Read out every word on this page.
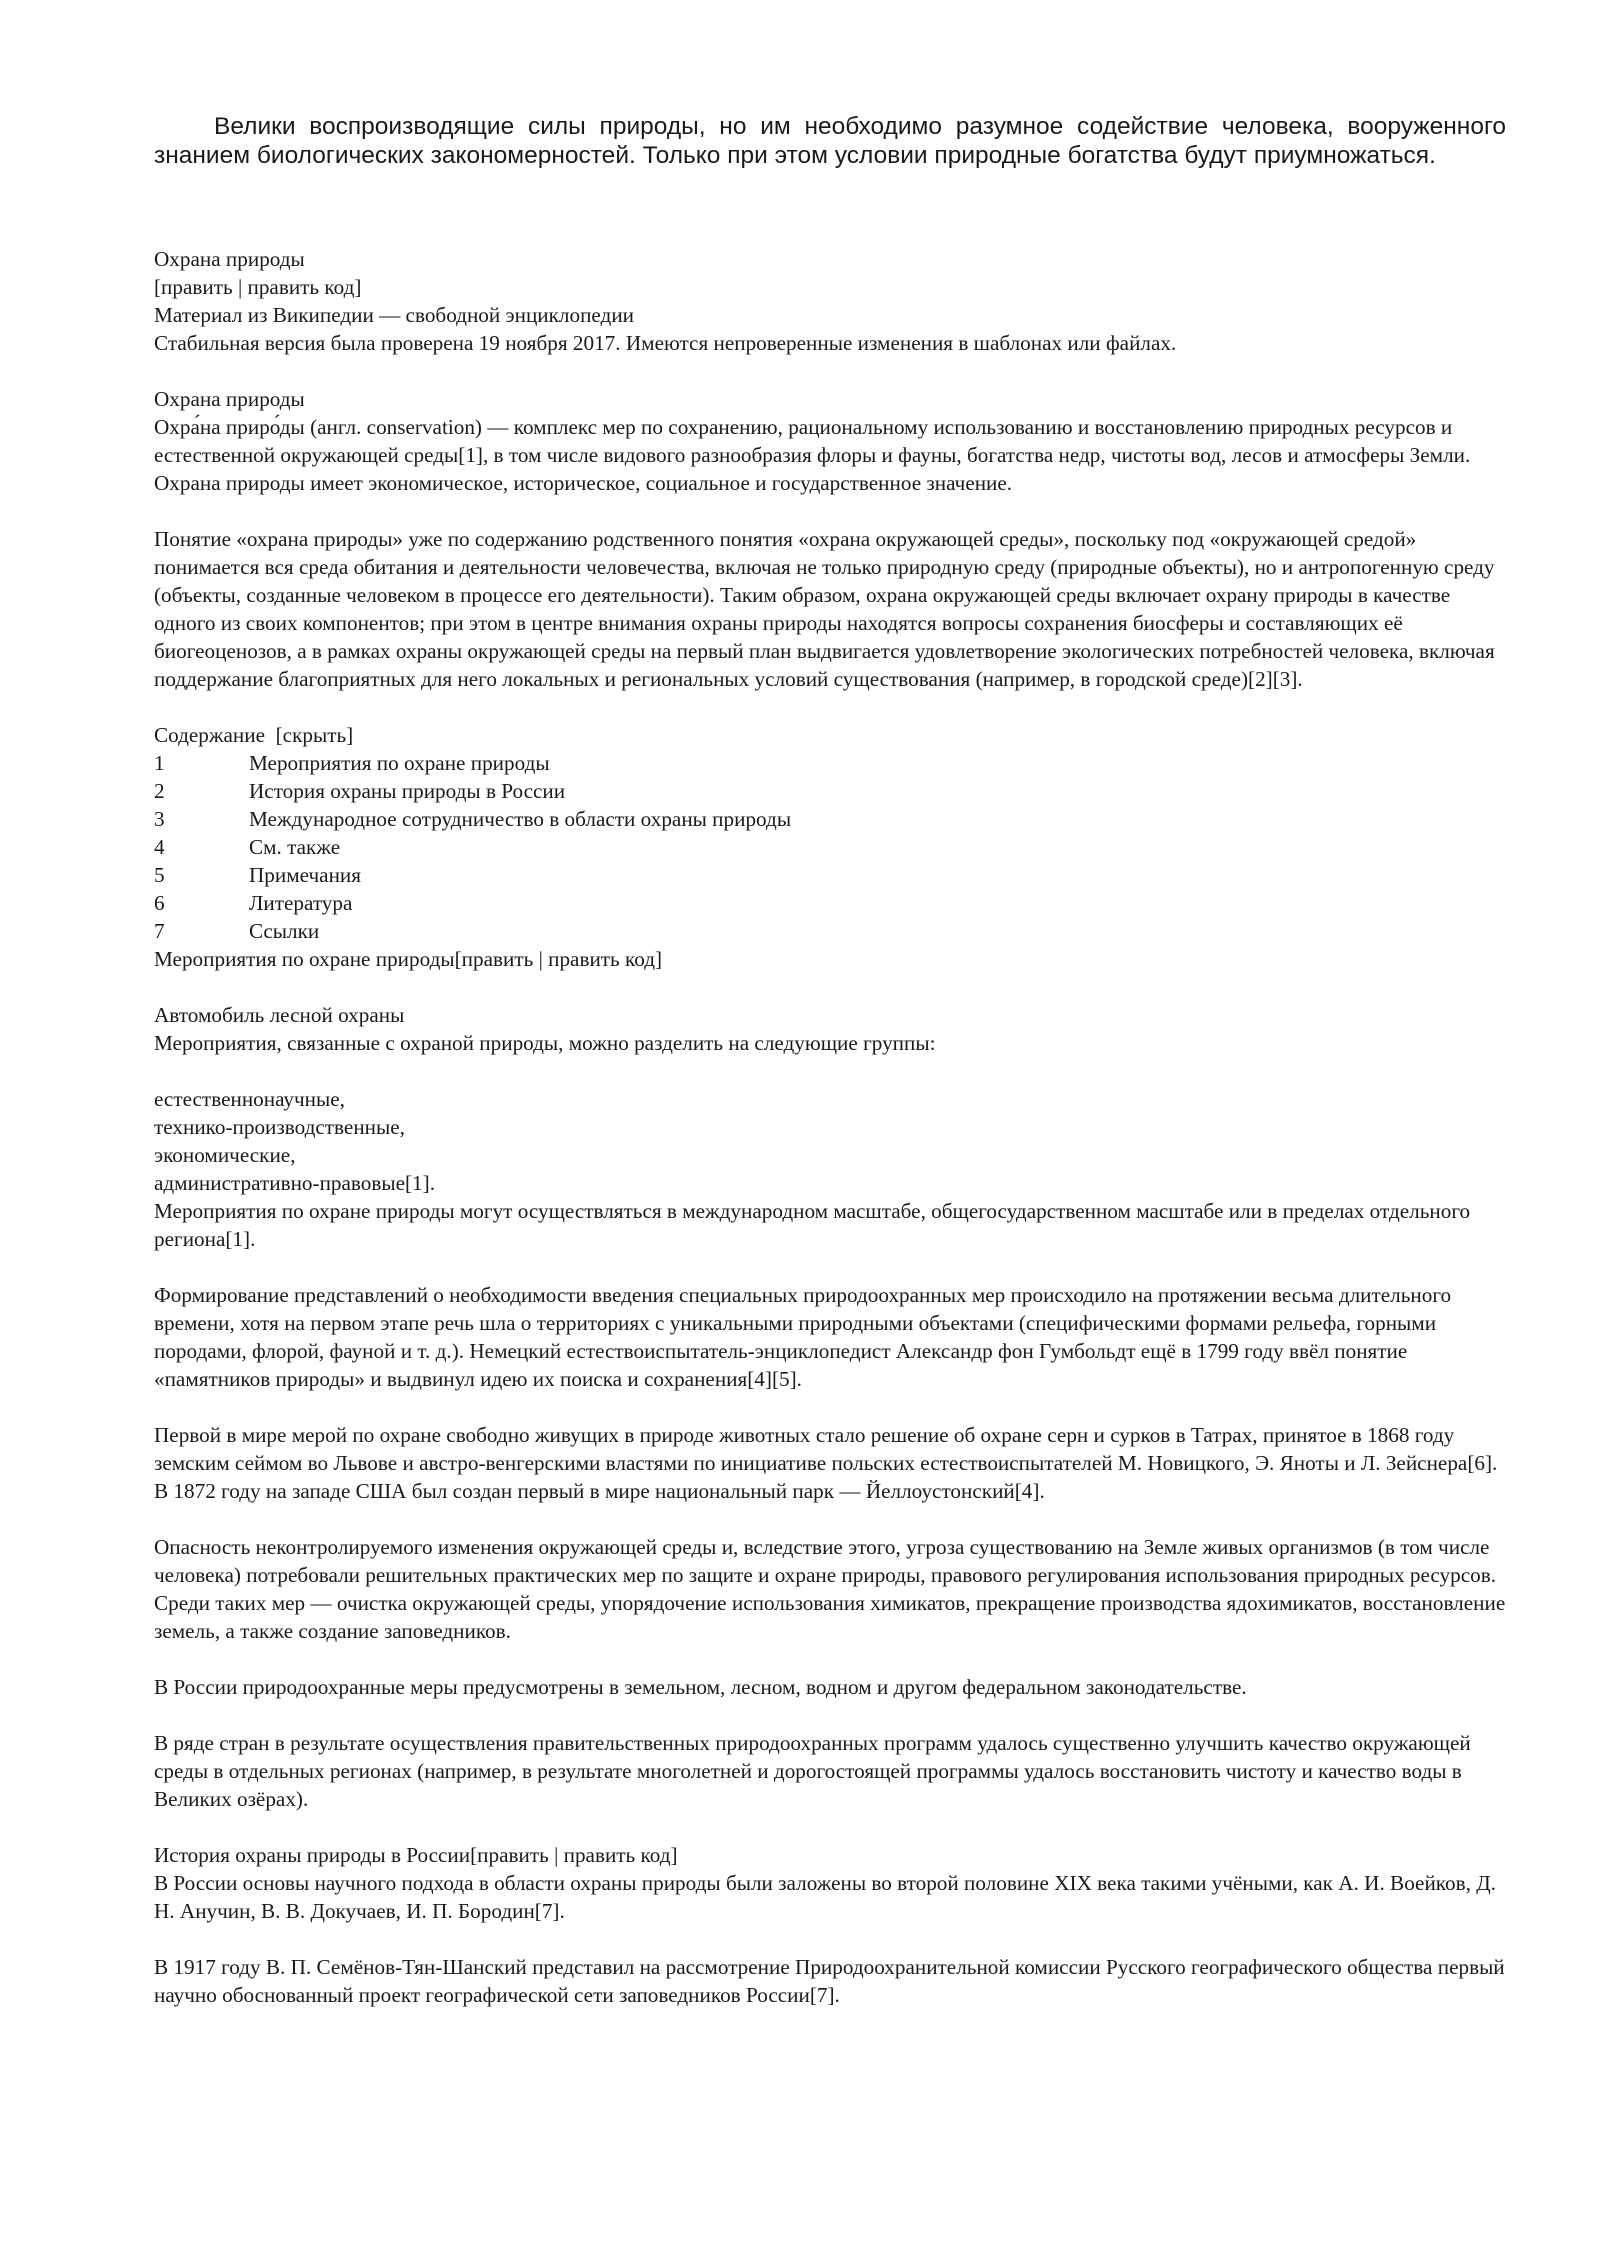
Велики воспроизводящие силы природы, но им необходимо разумное содействие человека, вооруженного знанием биологических закономерностей. Только при этом условии природные богатства будут приумножаться.

Охрана природы

[править | править код]

Материал из Википедии — свободной энциклопедии

Стабильная версия была проверена 19 ноября 2017. Имеются непроверенные изменения в шаблонах или файлах.

Охрана природы

Охра́на приро́ды (англ. conservation) — комплекс мер по сохранению, рациональному использованию и восстановлению природных ресурсов и естественной окружающей среды[1], в том числе видового разнообразия флоры и фауны, богатства недр, чистоты вод, лесов и атмосферы Земли. Охрана природы имеет экономическое, историческое, социальное и государственное значение.

Понятие «охрана природы» уже по содержанию родственного понятия «охрана окружающей среды», поскольку под «окружающей средой» понимается вся среда обитания и деятельности человечества, включая не только природную среду (природные объекты), но и антропогенную среду (объекты, созданные человеком в процессе его деятельности). Таким образом, охрана окружающей среды включает охрану природы в качестве одного из своих компонентов; при этом в центре внимания охраны природы находятся вопросы сохранения биосферы и составляющих её биогеоценозов, а в рамках охраны окружающей среды на первый план выдвигается удовлетворение экологических потребностей человека, включая поддержание благоприятных для него локальных и региональных условий существования (например, в городской среде)[2][3].

Содержание [скрыть]

1	Мероприятия по охране природы
2	История охраны природы в России
3	Международное сотрудничество в области охраны природы
4	См. также
5	Примечания
6	Литература
7	Ссылки

Мероприятия по охране природы[править | править код]

Автомобиль лесной охраны

Мероприятия, связанные с охраной природы, можно разделить на следующие группы:

естественнонаучные,

технико-производственные,

экономические,

административно-правовые[1].

Мероприятия по охране природы могут осуществляться в международном масштабе, общегосударственном масштабе или в пределах отдельного региона[1].

Формирование представлений о необходимости введения специальных природоохранных мер происходило на протяжении весьма длительного времени, хотя на первом этапе речь шла о территориях с уникальными природными объектами (специфическими формами рельефа, горными породами, флорой, фауной и т. д.). Немецкий естествоиспытатель-энциклопедист Александр фон Гумбольдт ещё в 1799 году ввёл понятие «памятников природы» и выдвинул идею их поиска и сохранения[4][5].

Первой в мире мерой по охране свободно живущих в природе животных стало решение об охране серн и сурков в Татрах, принятое в 1868 году земским сеймом во Львове и австро-венгерскими властями по инициативе польских естествоиспытателей М. Новицкого, Э. Яноты и Л. Зейснера[6]. В 1872 году на западе США был создан первый в мире национальный парк — Йеллоустонский[4].

Опасность неконтролируемого изменения окружающей среды и, вследствие этого, угроза существованию на Земле живых организмов (в том числе человека) потребовали решительных практических мер по защите и охране природы, правового регулирования использования природных ресурсов. Среди таких мер — очистка окружающей среды, упорядочение использования химикатов, прекращение производства ядохимикатов, восстановление земель, а также создание заповедников.

В России природоохранные меры предусмотрены в земельном, лесном, водном и другом федеральном законодательстве.

В ряде стран в результате осуществления правительственных природоохранных программ удалось существенно улучшить качество окружающей среды в отдельных регионах (например, в результате многолетней и дорогостоящей программы удалось восстановить чистоту и качество воды в Великих озёрах).

История охраны природы в России[править | править код]

В России основы научного подхода в области охраны природы были заложены во второй половине XIX века такими учёными, как А. И. Воейков, Д. Н. Анучин, В. В. Докучаев, И. П. Бородин[7].

В 1917 году В. П. Семёнов-Тян-Шанский представил на рассмотрение Природоохранительной комиссии Русского географического общества первый научно обоснованный проект географической сети заповедников России[7].
